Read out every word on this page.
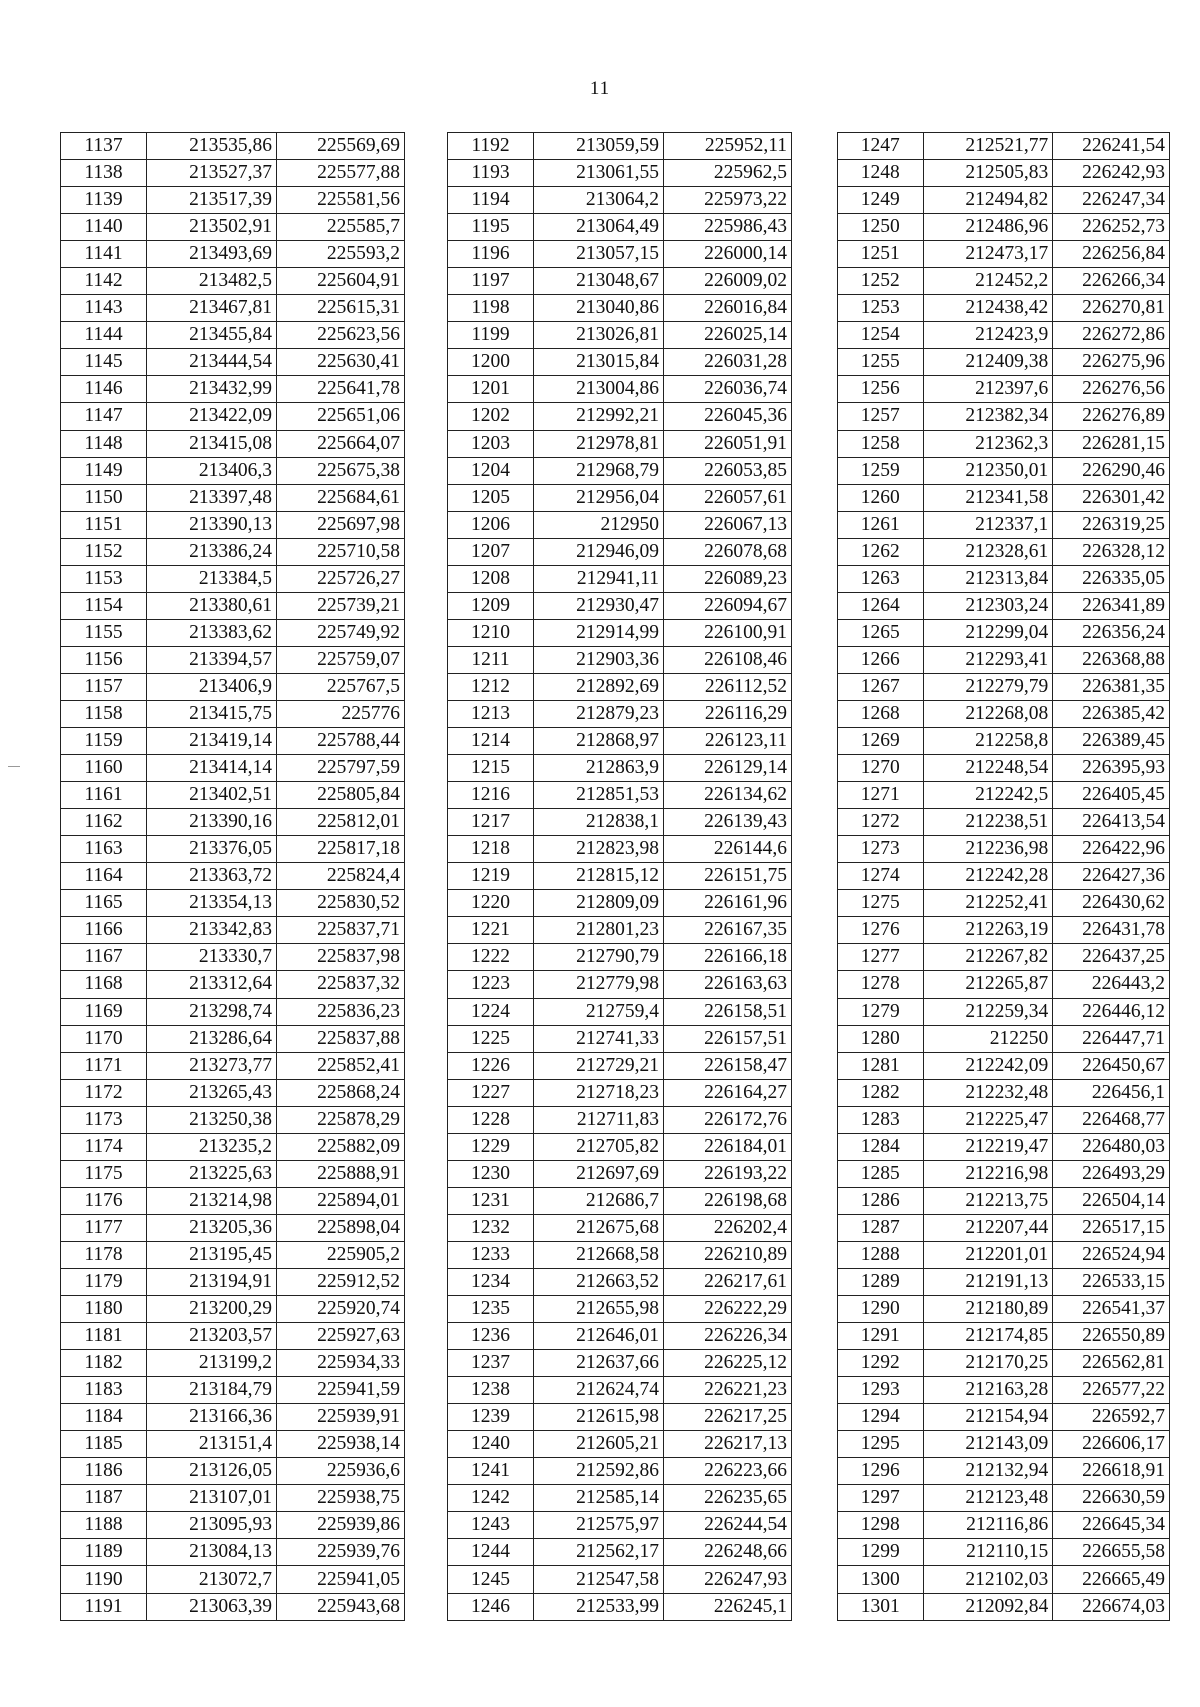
11
1137	213535,86	225569,69
1138	213527,37	225577,88
1139	213517,39	225581,56
1140	213502,91	225585,7
1141	213493,69	225593,2
1142	213482,5	225604,91
1143	213467,81	225615,31
1144	213455,84	225623,56
1145	213444,54	225630,41
1146	213432,99	225641,78
1147	213422,09	225651,06
1148	213415,08	225664,07
1149	213406,3	225675,38
1150	213397,48	225684,61
1151	213390,13	225697,98
1152	213386,24	225710,58
1153	213384,5	225726,27
1154	213380,61	225739,21
1155	213383,62	225749,92
1156	213394,57	225759,07
1157	213406,9	225767,5
1158	213415,75	225776
1159	213419,14	225788,44
1160	213414,14	225797,59
1161	213402,51	225805,84
1162	213390,16	225812,01
1163	213376,05	225817,18
1164	213363,72	225824,4
1165	213354,13	225830,52
1166	213342,83	225837,71
1167	213330,7	225837,98
1168	213312,64	225837,32
1169	213298,74	225836,23
1170	213286,64	225837,88
1171	213273,77	225852,41
1172	213265,43	225868,24
1173	213250,38	225878,29
1174	213235,2	225882,09
1175	213225,63	225888,91
1176	213214,98	225894,01
1177	213205,36	225898,04
1178	213195,45	225905,2
1179	213194,91	225912,52
1180	213200,29	225920,74
1181	213203,57	225927,63
1182	213199,2	225934,33
1183	213184,79	225941,59
1184	213166,36	225939,91
1185	213151,4	225938,14
1186	213126,05	225936,6
1187	213107,01	225938,75
1188	213095,93	225939,86
1189	213084,13	225939,76
1190	213072,7	225941,05
1191	213063,39	225943,68
1192	213059,59	225952,11
1193	213061,55	225962,5
1194	213064,2	225973,22
1195	213064,49	225986,43
1196	213057,15	226000,14
1197	213048,67	226009,02
1198	213040,86	226016,84
1199	213026,81	226025,14
1200	213015,84	226031,28
1201	213004,86	226036,74
1202	212992,21	226045,36
1203	212978,81	226051,91
1204	212968,79	226053,85
1205	212956,04	226057,61
1206	212950	226067,13
1207	212946,09	226078,68
1208	212941,11	226089,23
1209	212930,47	226094,67
1210	212914,99	226100,91
1211	212903,36	226108,46
1212	212892,69	226112,52
1213	212879,23	226116,29
1214	212868,97	226123,11
1215	212863,9	226129,14
1216	212851,53	226134,62
1217	212838,1	226139,43
1218	212823,98	226144,6
1219	212815,12	226151,75
1220	212809,09	226161,96
1221	212801,23	226167,35
1222	212790,79	226166,18
1223	212779,98	226163,63
1224	212759,4	226158,51
1225	212741,33	226157,51
1226	212729,21	226158,47
1227	212718,23	226164,27
1228	212711,83	226172,76
1229	212705,82	226184,01
1230	212697,69	226193,22
1231	212686,7	226198,68
1232	212675,68	226202,4
1233	212668,58	226210,89
1234	212663,52	226217,61
1235	212655,98	226222,29
1236	212646,01	226226,34
1237	212637,66	226225,12
1238	212624,74	226221,23
1239	212615,98	226217,25
1240	212605,21	226217,13
1241	212592,86	226223,66
1242	212585,14	226235,65
1243	212575,97	226244,54
1244	212562,17	226248,66
1245	212547,58	226247,93
1246	212533,99	226245,1
1247	212521,77	226241,54
1248	212505,83	226242,93
1249	212494,82	226247,34
1250	212486,96	226252,73
1251	212473,17	226256,84
1252	212452,2	226266,34
1253	212438,42	226270,81
1254	212423,9	226272,86
1255	212409,38	226275,96
1256	212397,6	226276,56
1257	212382,34	226276,89
1258	212362,3	226281,15
1259	212350,01	226290,46
1260	212341,58	226301,42
1261	212337,1	226319,25
1262	212328,61	226328,12
1263	212313,84	226335,05
1264	212303,24	226341,89
1265	212299,04	226356,24
1266	212293,41	226368,88
1267	212279,79	226381,35
1268	212268,08	226385,42
1269	212258,8	226389,45
1270	212248,54	226395,93
1271	212242,5	226405,45
1272	212238,51	226413,54
1273	212236,98	226422,96
1274	212242,28	226427,36
1275	212252,41	226430,62
1276	212263,19	226431,78
1277	212267,82	226437,25
1278	212265,87	226443,2
1279	212259,34	226446,12
1280	212250	226447,71
1281	212242,09	226450,67
1282	212232,48	226456,1
1283	212225,47	226468,77
1284	212219,47	226480,03
1285	212216,98	226493,29
1286	212213,75	226504,14
1287	212207,44	226517,15
1288	212201,01	226524,94
1289	212191,13	226533,15
1290	212180,89	226541,37
1291	212174,85	226550,89
1292	212170,25	226562,81
1293	212163,28	226577,22
1294	212154,94	226592,7
1295	212143,09	226606,17
1296	212132,94	226618,91
1297	212123,48	226630,59
1298	212116,86	226645,34
1299	212110,15	226655,58
1300	212102,03	226665,49
1301	212092,84	226674,03
